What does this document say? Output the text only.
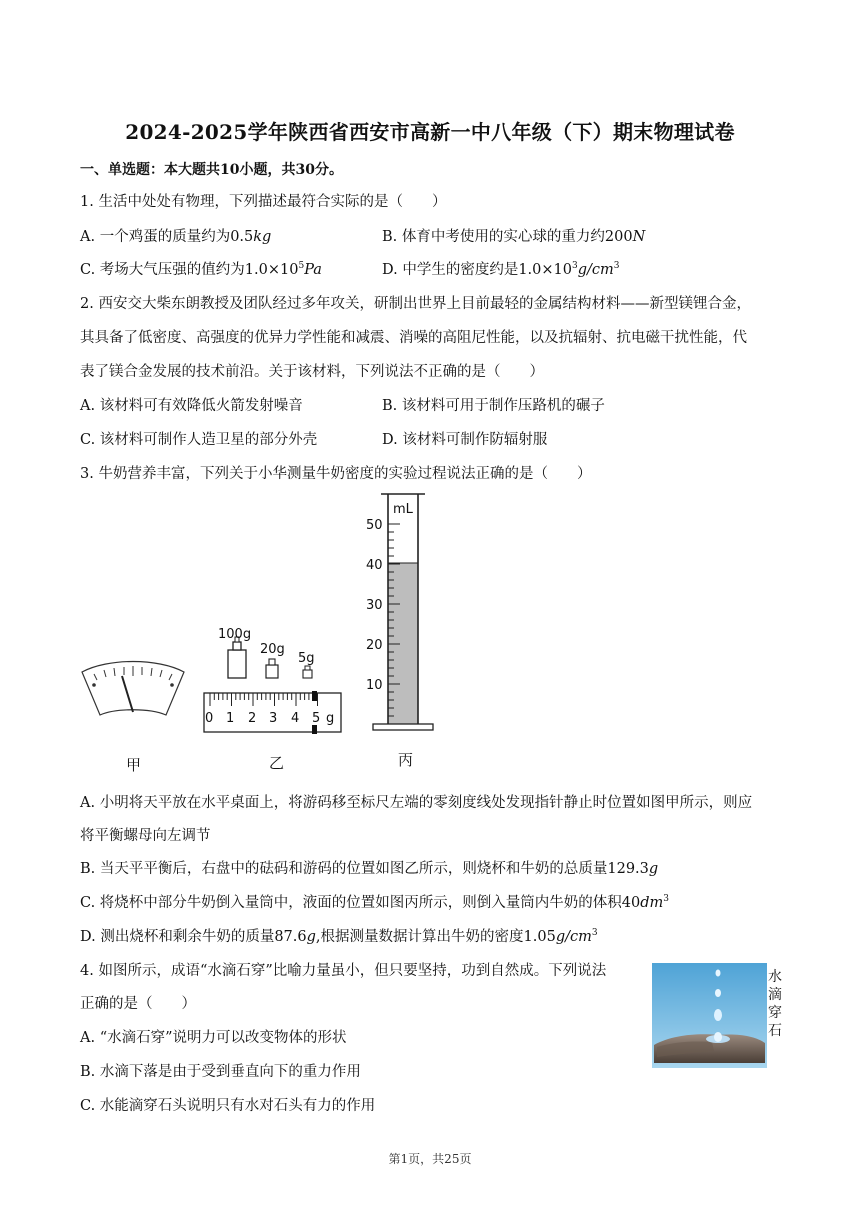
2024-2025学年陕西省西安市高新一中八年级（下）期末物理试卷
一、单选题：本大题共10小题，共30分。
1. 生活中处处有物理，下列描述最符合实际的是（　　）
A. 一个鸡蛋的质量约为0.5kg	B. 体育中考使用的实心球的重力约200N
C. 考场大气压强的值约为$1.0\times 10^5Pa$	D. 中学生的密度约是$1.0\times 10^3g/cm^3$
2. 西安交大柴东朗教授及团队经过多年攻关，研制出世界上目前最轻的金属结构材料——新型镁锂合金，
其具备了低密度、高强度的优异力学性能和减震、消噪的高阻尼性能，以及抗辐射、抗电磁干扰性能，代
表了镁合金发展的技术前沿。关于该材料，下列说法不正确的是（　　）
A. 该材料可有效降低火箭发射噪音	B. 该材料可用于制作压路机的碾子
C. 该材料可制作人造卫星的部分外壳	D. 该材料可制作防辐射服
3. 牛奶营养丰富，下列关于小华测量牛奶密度的实验过程说法正确的是（　　）
100g
20g
5g
0 1 2 3 4 5 g
mL
50
40
30
20
10
甲	乙	丙
A. 小明将天平放在水平桌面上，将游码移至标尺左端的零刻度线处发现指针静止时位置如图甲所示，则应
将平衡螺母向左调节
B. 当天平平衡后，右盘中的砝码和游码的位置如图乙所示，则烧杯和牛奶的总质量129.3g
C. 将烧杯中部分牛奶倒入量筒中，液面的位置如图丙所示，则倒入量筒内牛奶的体积$40dm^3$
D. 测出烧杯和剩余牛奶的质量87.6g,根据测量数据计算出牛奶的密度$1.05g/cm^3$
4. 如图所示，成语“水滴石穿”比喻力量虽小，但只要坚持，功到自然成。下列说法
正确的是（　　）
A. “水滴石穿”说明力可以改变物体的形状
B. 水滴下落是由于受到垂直向下的重力作用
C. 水能滴穿石头说明只有水对石头有力的作用
水
滴
穿
石
第1页，共25页
